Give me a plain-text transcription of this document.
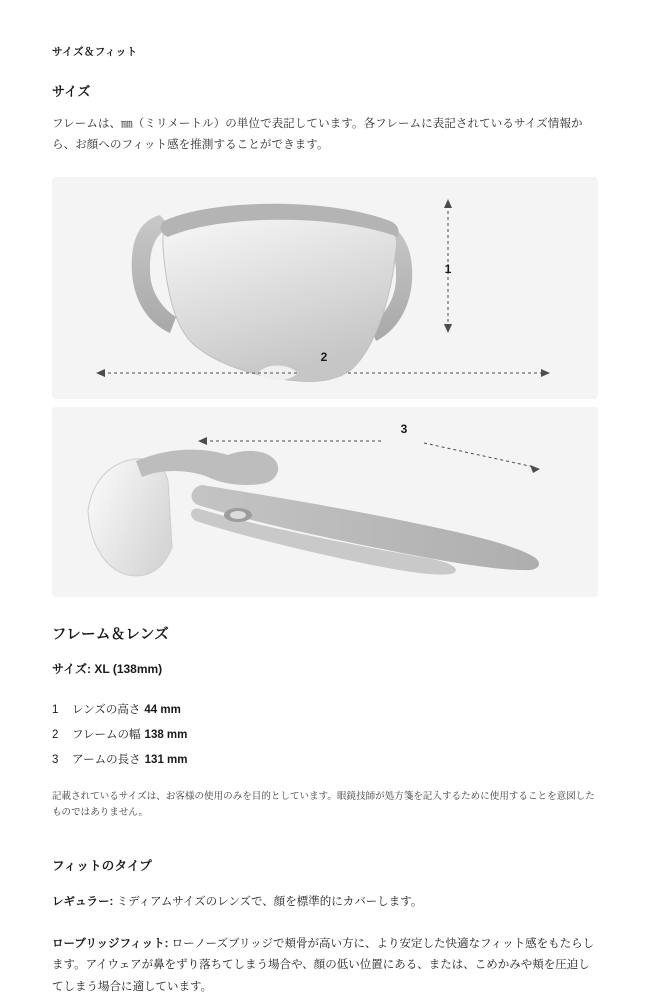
サイズ＆フィット
サイズ

フレームは、㎜（ミリメートル）の単位で表記しています。各フレームに表記されているサイズ情報から、お顔へのフィット感を推測することができます。

1
2
3
フレーム＆レンズ
サイズ: XL (138mm)
1	レンズの高さ 44 mm
2	フレームの幅 138 mm
3	アームの長さ 131 mm

記載されているサイズは、お客様の使用のみを目的としています。眼鏡技師が処方箋を記入するために使用することを意図したものではありません。

フィットのタイプ

レギュラー: ミディアムサイズのレンズで、顔を標準的にカバーします。

ローブリッジフィット: ローノーズブリッジで頬骨が高い方に、より安定した快適なフィット感をもたらします。アイウェアが鼻をずり落ちてしまう場合や、顔の低い位置にある、または、こめかみや頬を圧迫してしまう場合に適しています。
